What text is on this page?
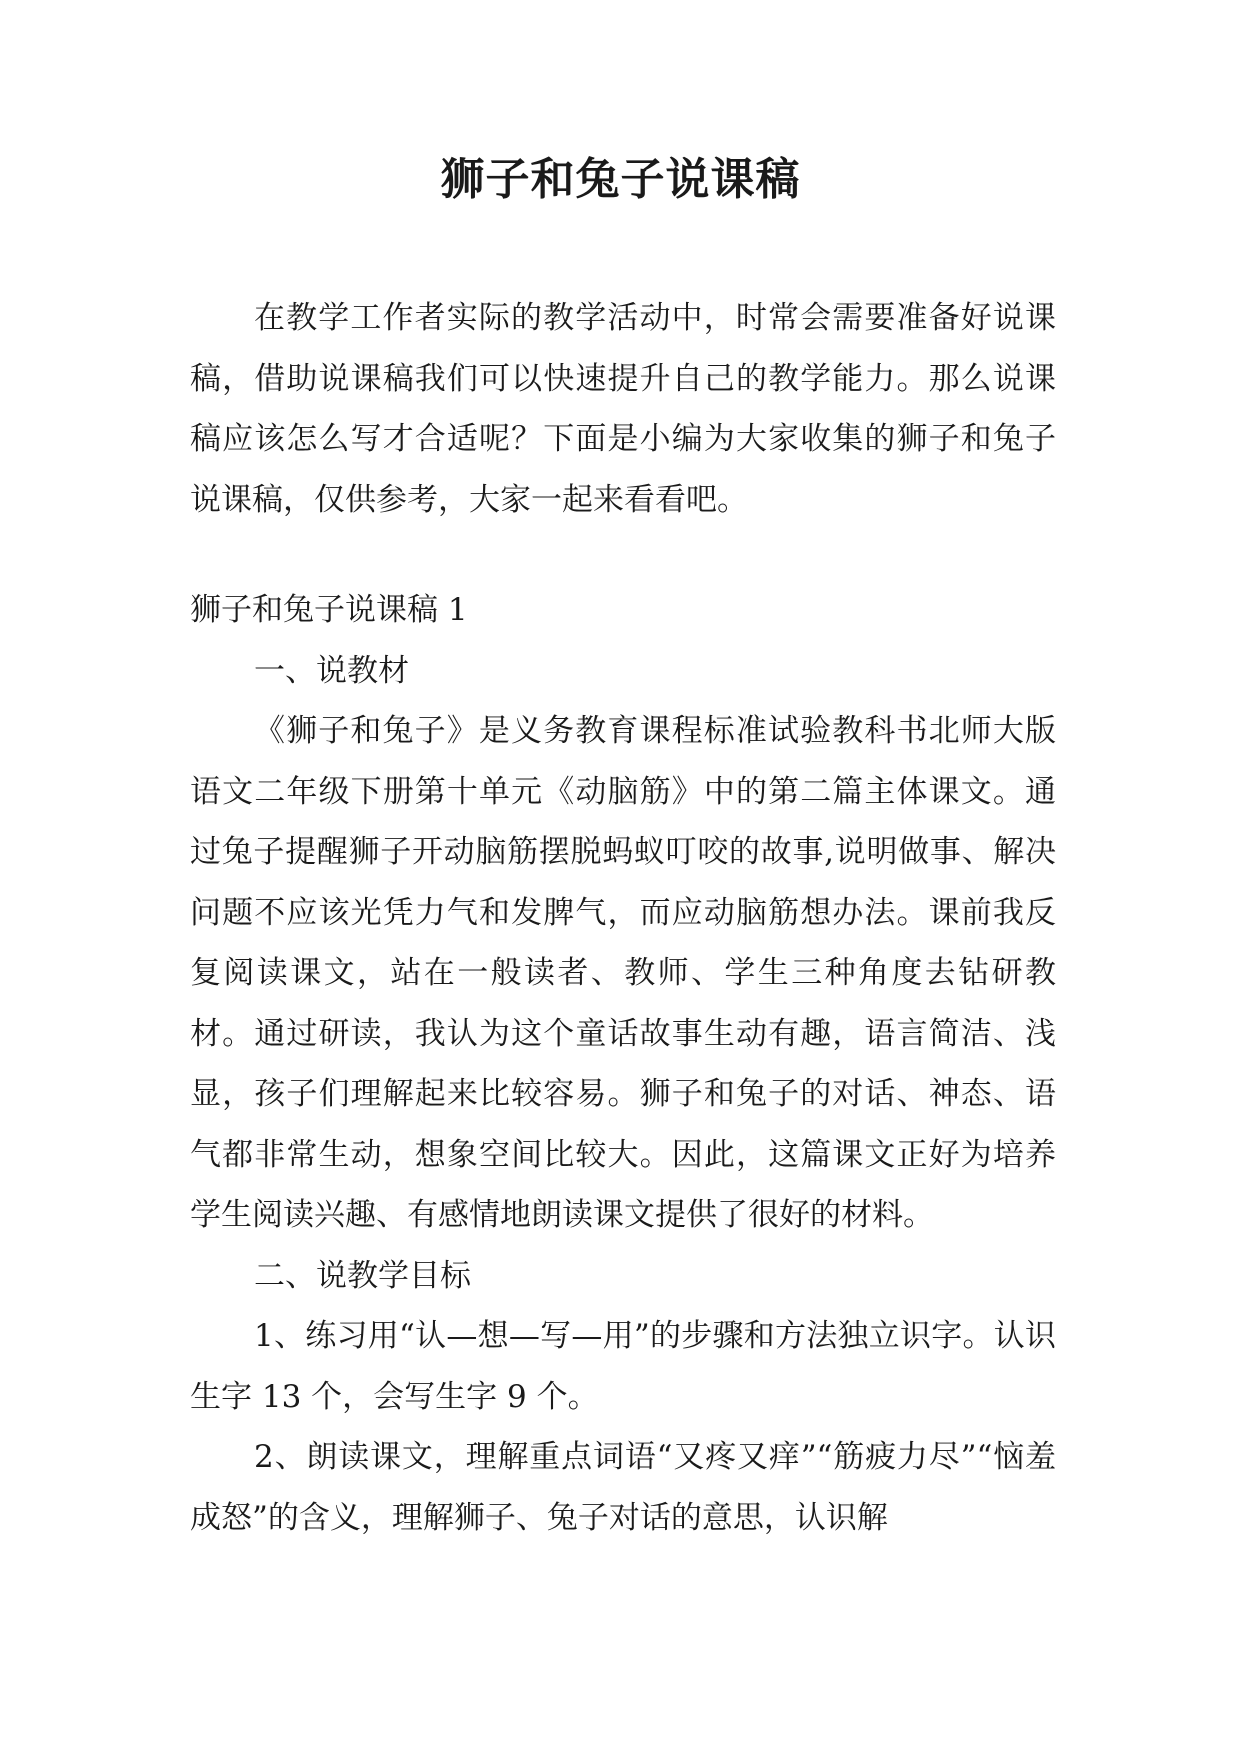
狮子和兔子说课稿

在教学工作者实际的教学活动中，时常会需要准备好说课稿，借助说课稿我们可以快速提升自己的教学能力。那么说课稿应该怎么写才合适呢？下面是小编为大家收集的狮子和兔子说课稿，仅供参考，大家一起来看看吧。

狮子和兔子说课稿 1

一、说教材

《狮子和兔子》是义务教育课程标准试验教科书北师大版语文二年级下册第十单元《动脑筋》中的第二篇主体课文。通过兔子提醒狮子开动脑筋摆脱蚂蚁叮咬的故事,说明做事、解决问题不应该光凭力气和发脾气，而应动脑筋想办法。课前我反复阅读课文，站在一般读者、教师、学生三种角度去钻研教材。通过研读，我认为这个童话故事生动有趣，语言简洁、浅显，孩子们理解起来比较容易。狮子和兔子的对话、神态、语气都非常生动，想象空间比较大。因此，这篇课文正好为培养学生阅读兴趣、有感情地朗读课文提供了很好的材料。

二、说教学目标

1、练习用“认—想—写—用”的步骤和方法独立识字。认识生字 13 个，会写生字 9 个。

2、朗读课文，理解重点词语“又疼又痒”“筋疲力尽”“恼羞成怒”的含义，理解狮子、兔子对话的意思，认识解
